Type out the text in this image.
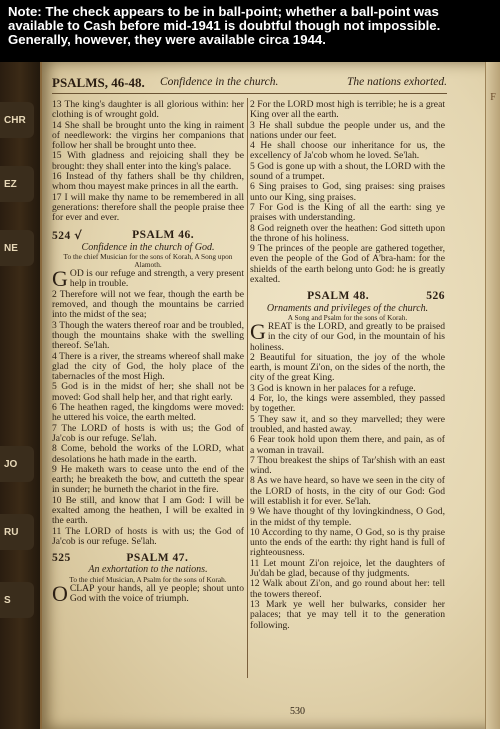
Note: The check appears to be in ball-point; whether a ball-point was available to Cash before mid-1941 is doubtful though not impossible. Generally, however, they were available circa 1944.
CHR
EZ
NE
JO
RU
S
F
PSALMS, 46-48. Confidence in the church.	The nations exhorted.

13 The king's daughter is all glorious within: her clothing is of wrought gold.

14 She shall be brought unto the king in raiment of needlework: the virgins her companions that follow her shall be brought unto thee.

15 With gladness and rejoicing shall they be brought: they shall enter into the king's palace.

16 Instead of thy fathers shall be thy children, whom thou mayest make princes in all the earth.

17 I will make thy name to be remembered in all generations: therefore shall the people praise thee for ever and ever.

524 √	PSALM 46.

Confidence in the church of God.

To the chief Musician for the sons of Korah, A Song upon Alamoth.

GOD is our refuge and strength, a very present help in trouble.

2 Therefore will not we fear, though the earth be removed, and though the mountains be carried into the midst of the sea;

3 Though the waters thereof roar and be troubled, though the mountains shake with the swelling thereof. Se'lah.

4 There is a river, the streams whereof shall make glad the city of God, the holy place of the tabernacles of the most High.

5 God is in the midst of her; she shall not be moved: God shall help her, and that right early.

6 The heathen raged, the kingdoms were moved: he uttered his voice, the earth melted.

7 The LORD of hosts is with us; the God of Ja'cob is our refuge. Se'lah.

8 Come, behold the works of the LORD, what desolations he hath made in the earth.

9 He maketh wars to cease unto the end of the earth; he breaketh the bow, and cutteth the spear in sunder; he burneth the chariot in the fire.

10 Be still, and know that I am God: I will be exalted among the heathen, I will be exalted in the earth.

11 The LORD of hosts is with us; the God of Ja'cob is our refuge. Se'lah.

525	PSALM 47.

An exhortation to the nations.

To the chief Musician, A Psalm for the sons of Korah.

OCLAP your hands, all ye people; shout unto God with the voice of triumph.

2 For the LORD most high is terrible; he is a great King over all the earth.

3 He shall subdue the people under us, and the nations under our feet.

4 He shall choose our inheritance for us, the excellency of Ja'cob whom he loved. Se'lah.

5 God is gone up with a shout, the LORD with the sound of a trumpet.

6 Sing praises to God, sing praises: sing praises unto our King, sing praises.

7 For God is the King of all the earth: sing ye praises with understanding.

8 God reigneth over the heathen: God sitteth upon the throne of his holiness.

9 The princes of the people are gathered together, even the people of the God of A'bra-ham: for the shields of the earth belong unto God: he is greatly exalted.

PSALM 48.	526

Ornaments and privileges of the church.

A Song and Psalm for the sons of Korah.

GREAT is the LORD, and greatly to be praised in the city of our God, in the mountain of his holiness.

2 Beautiful for situation, the joy of the whole earth, is mount Zi'on, on the sides of the north, the city of the great King.

3 God is known in her palaces for a refuge.

4 For, lo, the kings were assembled, they passed by together.

5 They saw it, and so they marvelled; they were troubled, and hasted away.

6 Fear took hold upon them there, and pain, as of a woman in travail.

7 Thou breakest the ships of Tar'shish with an east wind.

8 As we have heard, so have we seen in the city of the LORD of hosts, in the city of our God: God will establish it for ever. Se'lah.

9 We have thought of thy lovingkindness, O God, in the midst of thy temple.

10 According to thy name, O God, so is thy praise unto the ends of the earth: thy right hand is full of righteousness.

11 Let mount Zi'on rejoice, let the daughters of Ju'dah be glad, because of thy judgments.

12 Walk about Zi'on, and go round about her: tell the towers thereof.

13 Mark ye well her bulwarks, consider her palaces; that ye may tell it to the generation following.

530
